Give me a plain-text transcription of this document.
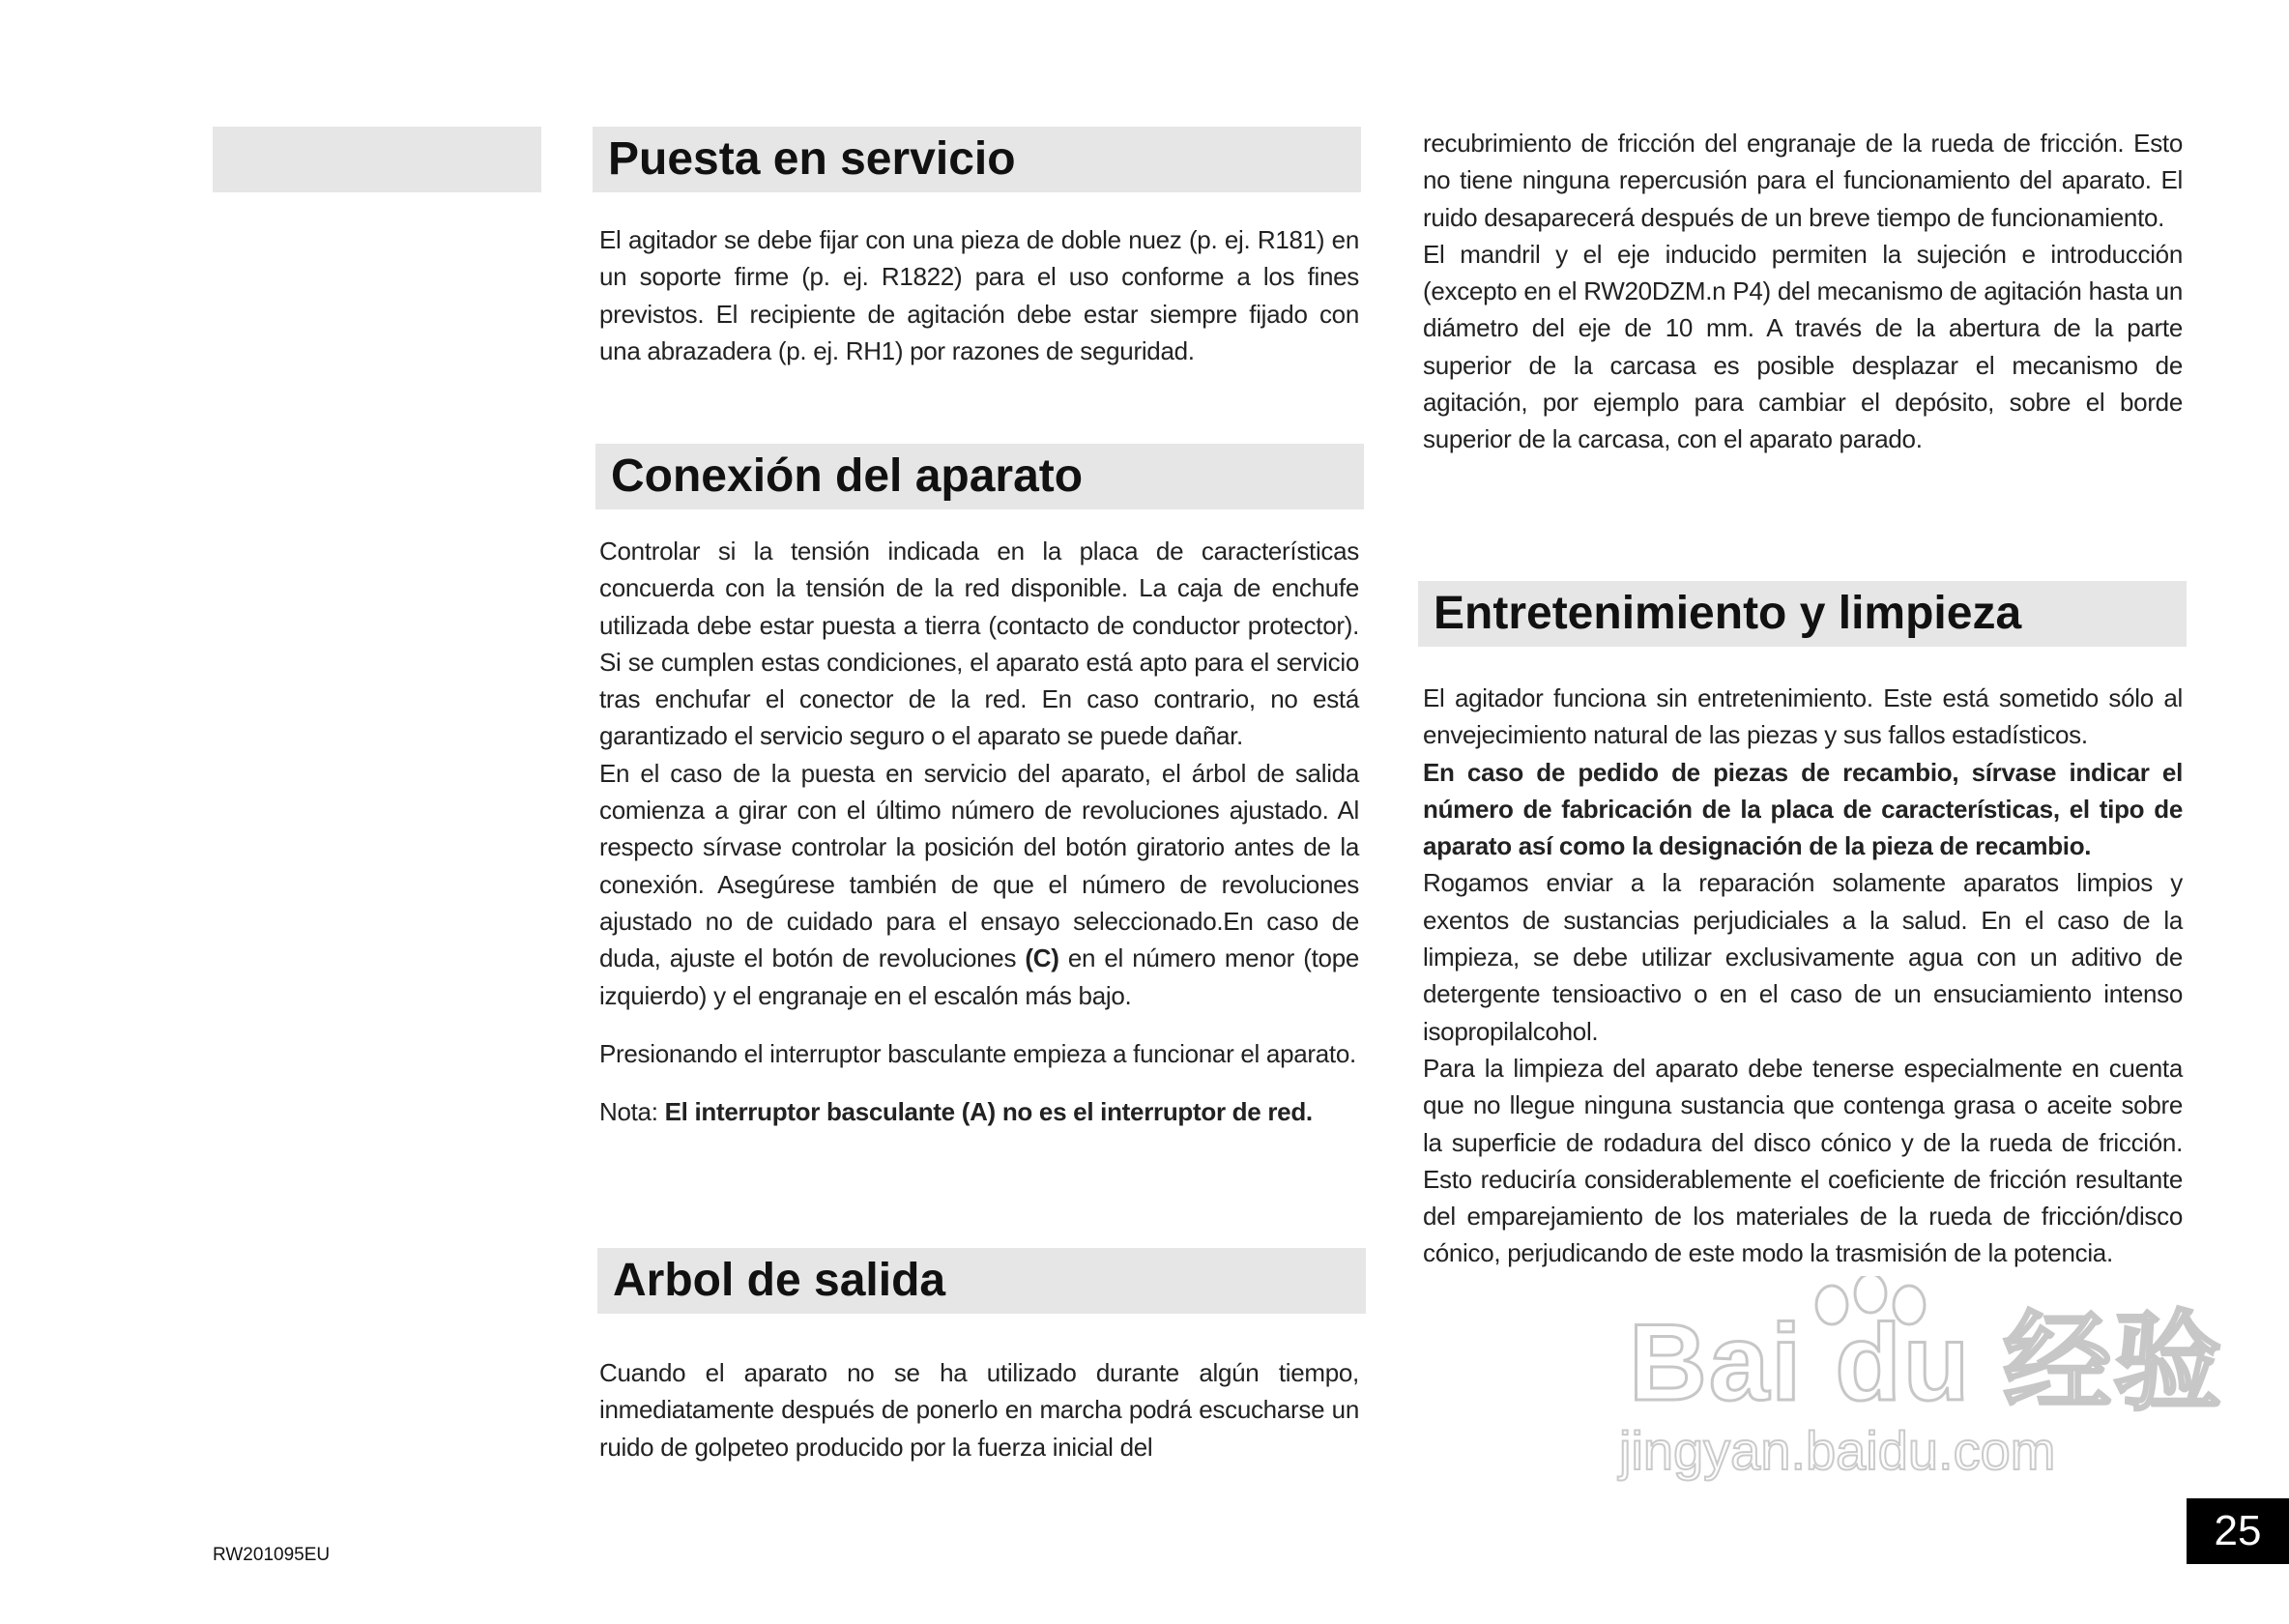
Puesta en servicio

El agitador se debe fijar con una pieza de doble nuez (p. ej. R181) en un soporte firme (p. ej. R1822) para el uso conforme a los fines previstos. El recipiente de agitación debe estar siempre fijado con una abrazadera (p. ej. RH1) por razones de seguridad.

Conexión del aparato

Controlar si la tensión indicada en la placa de características concuerda con la tensión de la red disponible. La caja de enchufe utilizada debe estar puesta a tierra (contacto de conductor protector). Si se cumplen estas condiciones, el aparato está apto para el servicio tras enchufar el conector de la red. En caso contrario, no está garantizado el servicio seguro o el aparato se puede dañar.

En el caso de la puesta en servicio del aparato, el árbol de salida comienza a girar con el último número de revoluciones ajustado. Al respecto sírvase controlar la posición del botón giratorio antes de la conexión. Asegúrese también de que el número de revoluciones ajustado no de cuidado para el ensayo seleccionado.En caso de duda, ajuste el botón de revoluciones (C) en el número menor (tope izquierdo) y el engranaje en el escalón más bajo.

Presionando el interruptor basculante empieza a funcionar el aparato.

Nota: El interruptor basculante (A) no es el interruptor de red.

Arbol de salida

Cuando el aparato no se ha utilizado durante algún tiempo, inmediatamente después de ponerlo en marcha podrá escucharse un ruido de golpeteo producido por la fuerza inicial del

recubrimiento de fricción del engranaje de la rueda de fricción. Esto no tiene ninguna repercusión para el funcionamiento del aparato. El ruido desaparecerá después de un breve tiempo de funcionamiento.

El mandril y el eje inducido permiten la sujeción e introducción (excepto en el RW20DZM.n P4) del mecanismo de agitación hasta un diámetro del eje de 10 mm. A través de la abertura de la parte superior de la carcasa es posible desplazar el mecanismo de agitación, por ejemplo para cambiar el depósito, sobre el borde superior de la carcasa, con el aparato parado.

Entretenimiento y limpieza

El agitador funciona sin entretenimiento. Este está sometido sólo al envejecimiento natural de las piezas y sus fallos estadísticos.

En caso de pedido de piezas de recambio, sírvase indicar el número de fabricación de la placa de características, el tipo de aparato así como la designación de la pieza de recambio.

Rogamos enviar a la reparación solamente aparatos limpios y exentos de sustancias perjudiciales a la salud. En el caso de la limpieza, se debe utilizar exclusivamente agua con un aditivo de detergente tensioactivo o en el caso de un ensuciamiento intenso isopropilalcohol.

Para la limpieza del aparato debe tenerse especialmente en cuenta que no llegue ninguna sustancia que contenga grasa o aceite sobre la superficie de rodadura del disco cónico y de la rueda de fricción. Esto reduciría considerablemente el coeficiente de fricción resultante del emparejamiento de los materiales de la rueda de fricción/disco cónico, perjudicando de este modo la trasmisión de la potencia.

Bai du 经验
jingyan.baidu.com
RW201095EU
25
